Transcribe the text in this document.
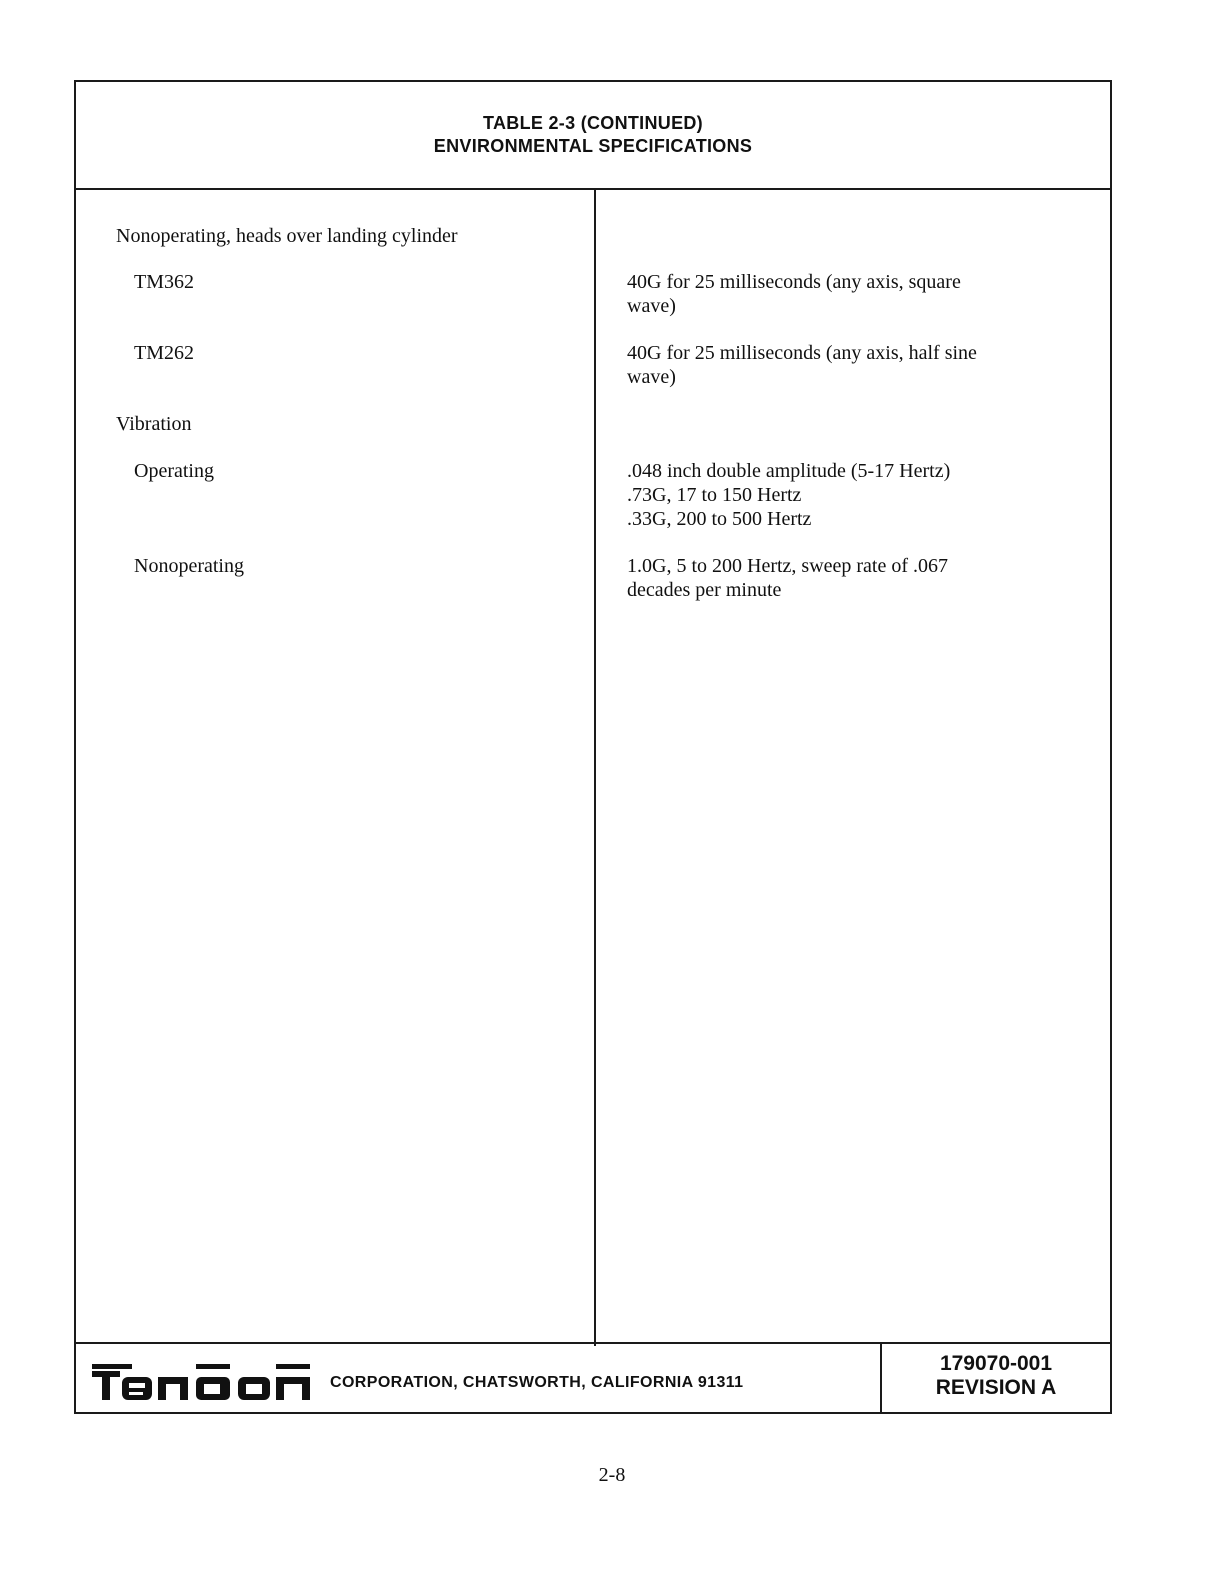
TABLE 2-3 (CONTINUED)
ENVIRONMENTAL SPECIFICATIONS
Nonoperating, heads over landing cylinder
TM362
TM262
Vibration
Operating
Nonoperating
40G for 25 milliseconds (any axis, square
wave)
40G for 25 milliseconds (any axis, half sine
wave)
.048 inch double amplitude (5-17 Hertz)
.73G, 17 to 150 Hertz
.33G, 200 to 500 Hertz
1.0G, 5 to 200 Hertz, sweep rate of .067
decades per minute
CORPORATION, CHATSWORTH, CALIFORNIA 91311
179070-001
REVISION A
2-8
